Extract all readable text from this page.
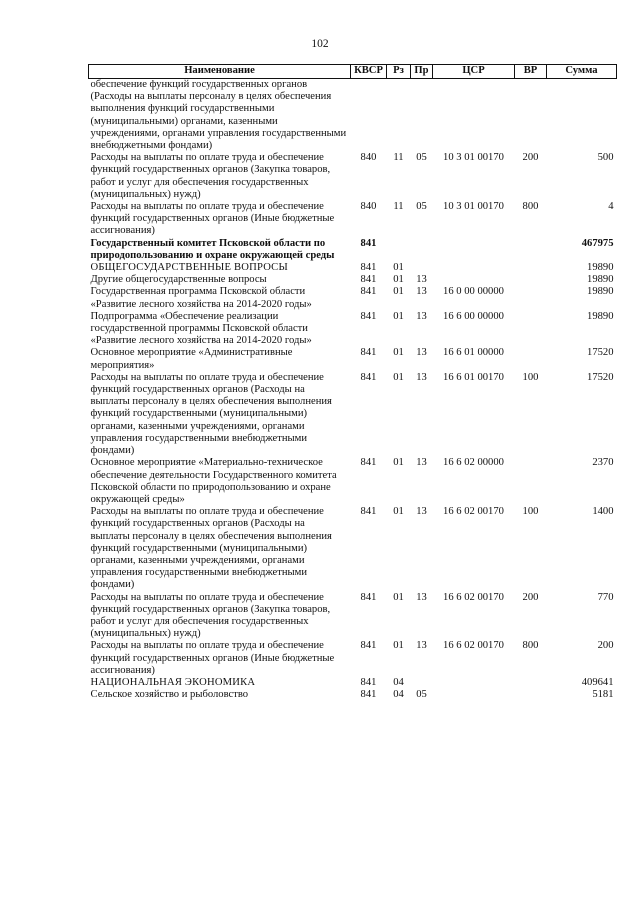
102
Наименование	КВСР	Рз	Пр	ЦСР	ВР	Сумма
обеспечение функций государственных органов (Расходы на выплаты персоналу в целях обеспечения выполнения функций государственными (муниципальными) органами, казенными учреждениями, органами управления государственными внебюджетными фондами)						
Расходы на выплаты по оплате труда и обеспечение функций государственных органов (Закупка товаров, работ и услуг для обеспечения государственных (муниципальных) нужд)	840	11	05	10 3 01 00170	200	500
Расходы на выплаты по оплате труда и обеспечение функций государственных органов (Иные бюджетные ассигнования)	840	11	05	10 3 01 00170	800	4
Государственный комитет Псковской области по природопользованию и охране окружающей среды	841					467975
ОБЩЕГОСУДАРСТВЕННЫЕ ВОПРОСЫ	841	01				19890
Другие общегосударственные вопросы	841	01	13			19890
Государственная программа Псковской области «Развитие лесного хозяйства на 2014-2020 годы»	841	01	13	16 0 00 00000		19890
Подпрограмма «Обеспечение реализации государственной программы Псковской области «Развитие лесного хозяйства на 2014-2020 годы»	841	01	13	16 6 00 00000		19890
Основное мероприятие «Административные мероприятия»	841	01	13	16 6 01 00000		17520
Расходы на выплаты по оплате труда и обеспечение функций государственных органов (Расходы на выплаты персоналу в целях обеспечения выполнения функций государственными (муниципальными) органами, казенными учреждениями, органами управления государственными внебюджетными фондами)	841	01	13	16 6 01 00170	100	17520
Основное мероприятие «Материально-техническое обеспечение деятельности Государственного комитета Псковской области по природопользованию и охране окружающей среды»	841	01	13	16 6 02 00000		2370
Расходы на выплаты по оплате труда и обеспечение функций государственных органов (Расходы на выплаты персоналу в целях обеспечения выполнения функций государственными (муниципальными) органами, казенными учреждениями, органами управления государственными внебюджетными фондами)	841	01	13	16 6 02 00170	100	1400
Расходы на выплаты по оплате труда и обеспечение функций государственных органов (Закупка товаров, работ и услуг для обеспечения государственных (муниципальных) нужд)	841	01	13	16 6 02 00170	200	770
Расходы на выплаты по оплате труда и обеспечение функций государственных органов (Иные бюджетные ассигнования)	841	01	13	16 6 02 00170	800	200
НАЦИОНАЛЬНАЯ ЭКОНОМИКА	841	04				409641
Сельское хозяйство и рыболовство	841	04	05			5181
